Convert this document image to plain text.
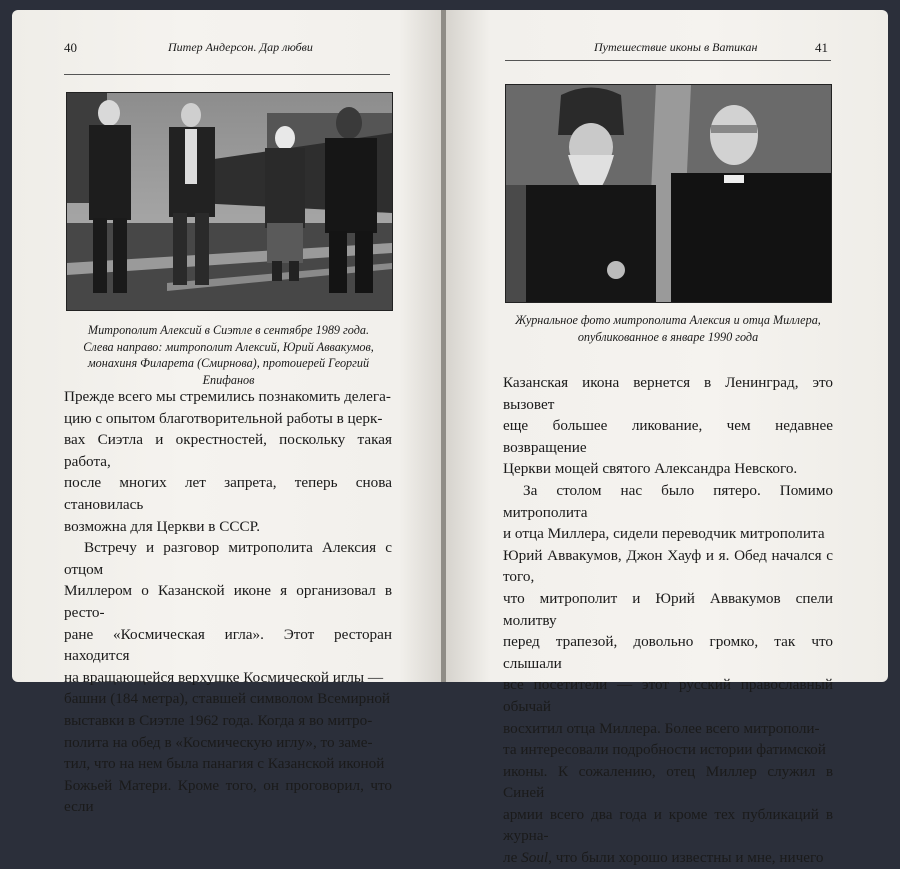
40	Питер Андерсон. Дар любви
Митрополит Алексий в Сиэтле в сентябре 1989 года.
Слева направо: митрополит Алексий, Юрий Аввакумов,
монахиня Филарета (Смирнова), протоиерей Георгий Епифанов

Прежде всего мы стремились познакомить делега-

цию с опытом благотворительной работы в церк-

вах Сиэтла и окрестностей, поскольку такая работа,

после многих лет запрета, теперь снова становилась

возможна для Церкви в СССР.

Встречу и разговор митрополита Алексия с отцом

Миллером о Казанской иконе я организовал в ресто-

ране «Космическая игла». Этот ресторан находится

на вращающейся верхушке Космической иглы —

башни (184 метра), ставшей символом Всемирной

выставки в Сиэтле 1962 года. Когда я во митро-

полита на обед в «Космическую иглу», то заме-

тил, что на нем была панагия с Казанской иконой

Божьей Матери. Кроме того, он проговорил, что если

Путешествие иконы в Ватикан	41
Журнальное фото митрополита Алексия и отца Миллера,
опубликованное в январе 1990 года

Казанская икона вернется в Ленинград, это вызовет

еще большее ликование, чем недавнее возвращение

Церкви мощей святого Александра Невского.

За столом нас было пятеро. Помимо митрополита

и отца Миллера, сидели переводчик митрополита

Юрий Аввакумов, Джон Хауф и я. Обед начался с того,

что митрополит и Юрий Аввакумов спели молитву

перед трапезой, довольно громко, так что слышали

все посетители — этот русский православный обычай

восхитил отца Миллера. Более всего митрополи-

та интересовали подробности истории фатимской

иконы. К сожалению, отец Миллер служил в Синей

армии всего два года и кроме тех публикаций в журна-

ле Soul, что были хорошо известны и мне, ничего
